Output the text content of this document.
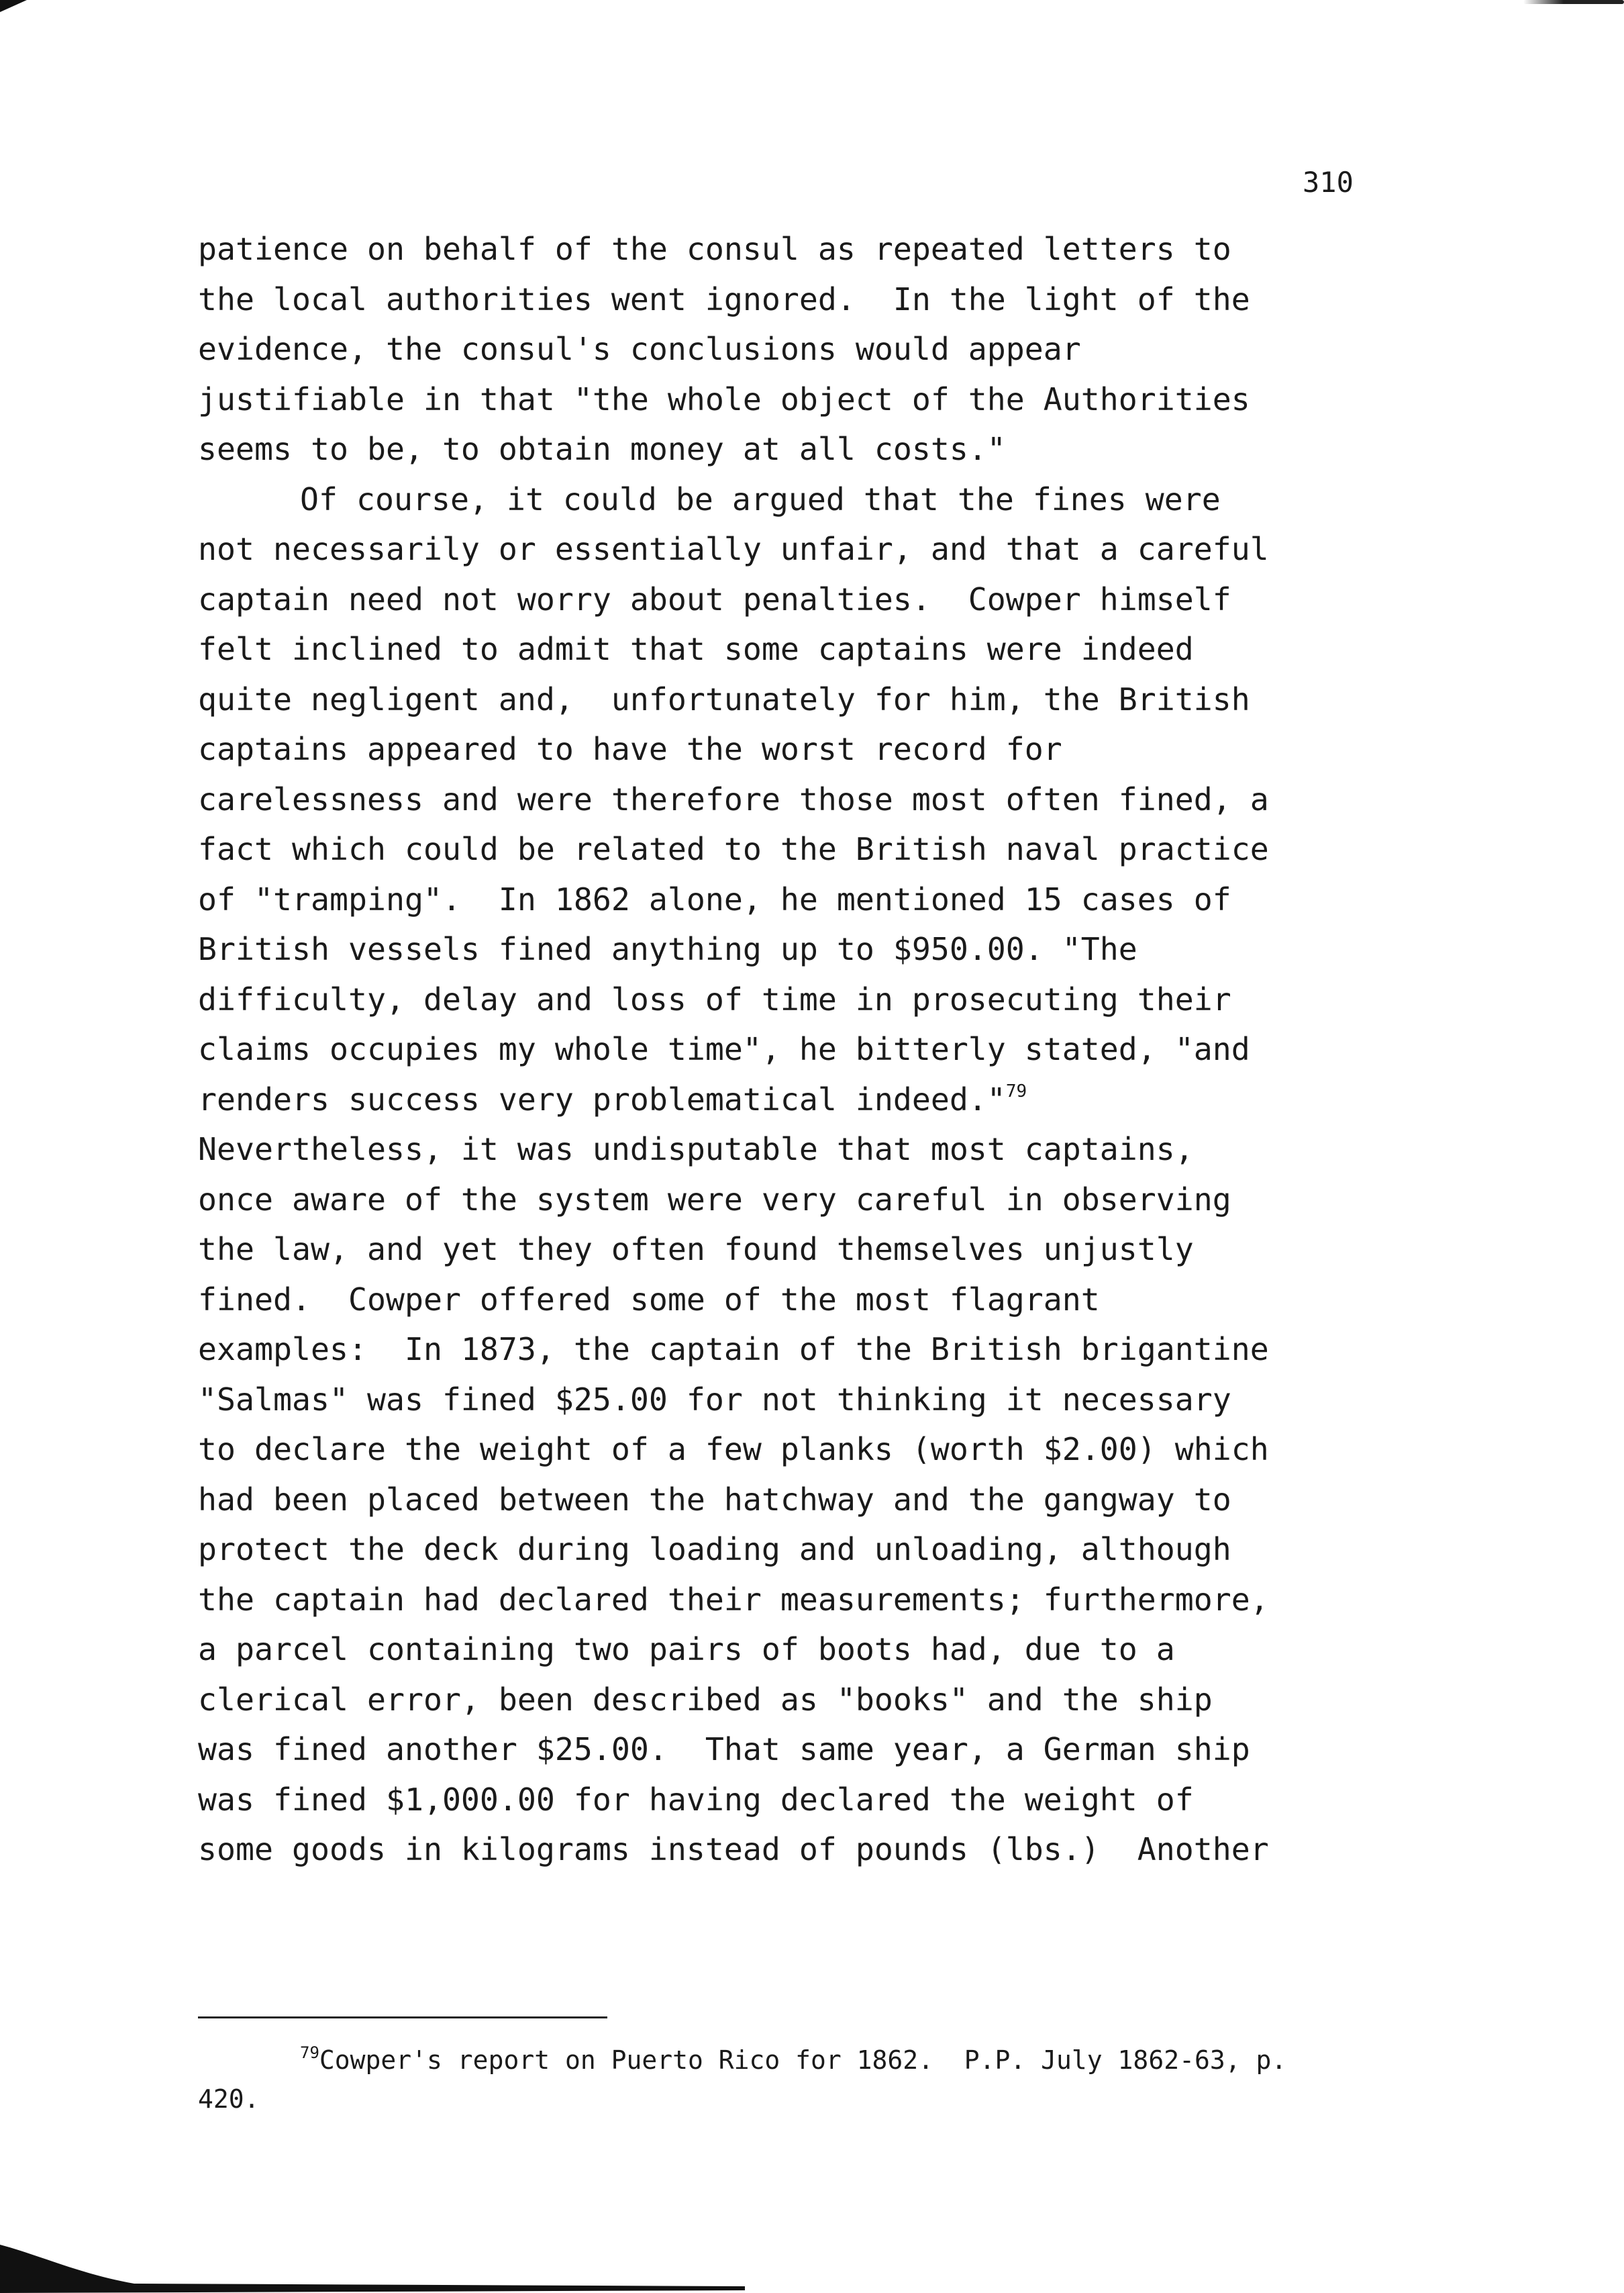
310
patience on behalf of the consul as repeated letters to
the local authorities went ignored.  In the light of the
evidence, the consul's conclusions would appear
justifiable in that "the whole object of the Authorities
seems to be, to obtain money at all costs."
Of course, it could be argued that the fines were
not necessarily or essentially unfair, and that a careful
captain need not worry about penalties.  Cowper himself
felt inclined to admit that some captains were indeed
quite negligent and,  unfortunately for him, the British
captains appeared to have the worst record for
carelessness and were therefore those most often fined, a
fact which could be related to the British naval practice
of "tramping".  In 1862 alone, he mentioned 15 cases of
British vessels fined anything up to $950.00. "The
difficulty, delay and loss of time in prosecuting their
claims occupies my whole time", he bitterly stated, "and
renders success very problematical indeed."$^{79}$
Nevertheless, it was undisputable that most captains,
once aware of the system were very careful in observing
the law, and yet they often found themselves unjustly
fined.  Cowper offered some of the most flagrant
examples:  In 1873, the captain of the British brigantine
"Salmas" was fined $25.00 for not thinking it necessary
to declare the weight of a few planks (worth $2.00) which
had been placed between the hatchway and the gangway to
protect the deck during loading and unloading, although
the captain had declared their measurements; furthermore,
a parcel containing two pairs of boots had, due to a
clerical error, been described as "books" and the ship
was fined another $25.00.  That same year, a German ship
was fined $1,000.00 for having declared the weight of
some goods in kilograms instead of pounds (lbs.)  Another
$^{79}$Cowper's report on Puerto Rico for 1862.  P.P. July 1862-63, p.
420.
